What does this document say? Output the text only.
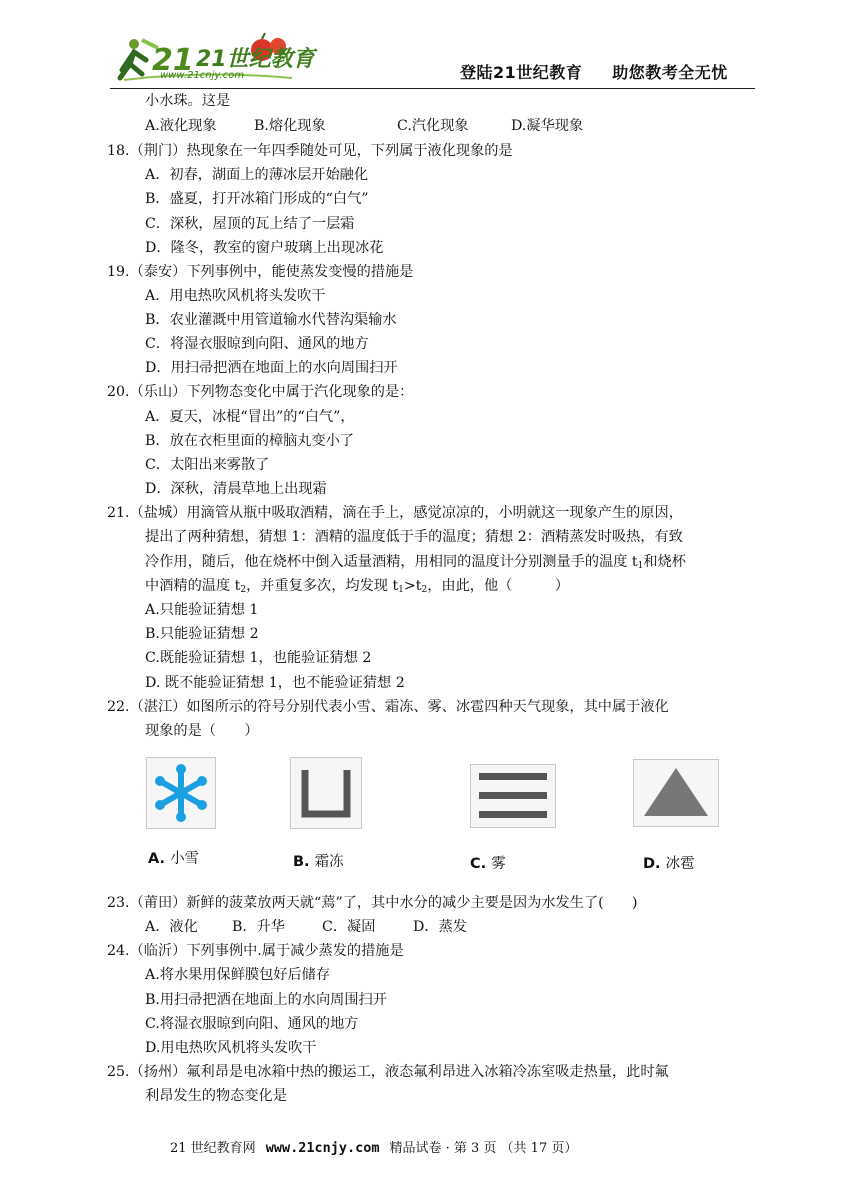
21 21世纪教育
www.21cnjy.com	登陆21世纪教育 助您教考全无忧
小水珠。这是
A.液化现象	B.熔化现象	C.汽化现象	D.凝华现象
18.（荆门）热现象在一年四季随处可见，下列属于液化现象的是
A．初春，湖面上的薄冰层开始融化
B．盛夏，打开冰箱门形成的“白气”
C．深秋，屋顶的瓦上结了一层霜
D．隆冬，教室的窗户玻璃上出现冰花
19.（泰安）下列事例中，能使蒸发变慢的措施是
A．用电热吹风机将头发吹干
B．农业灌溉中用管道输水代替沟渠输水
C．将湿衣服晾到向阳、通风的地方
D．用扫帚把洒在地面上的水向周围扫开
20.（乐山）下列物态变化中属于汽化现象的是：
A．夏天，冰棍“冒出”的“白气”，
B．放在衣柜里面的樟脑丸变小了
C．太阳出来雾散了
D．深秋，清晨草地上出现霜
21.（盐城）用滴管从瓶中吸取酒精，滴在手上，感觉凉凉的，小明就这一现象产生的原因，
提出了两种猜想，猜想 1：酒精的温度低于手的温度；猜想 2：酒精蒸发时吸热，有致
冷作用，随后，他在烧杯中倒入适量酒精，用相同的温度计分别测量手的温度 $t_1$和烧杯
中酒精的温度 $t_2$，并重复多次，均发现 $t_1>t_2$，由此，他（　　　）
A.只能验证猜想 1
B.只能验证猜想 2
C.既能验证猜想 1，也能验证猜想 2
D. 既不能验证猜想 1，也不能验证猜想 2
22.（湛江）如图所示的符号分别代表小雪、霜冻、雾、冰雹四种天气现象，其中属于液化
现象的是（　　）
A. 小雪	B. 霜冻	C. 雾	D. 冰雹
23.（莆田）新鲜的菠菜放两天就“蔫”了，其中水分的减少主要是因为水发生了(　　)
A．液化 B．升华	C．凝固	D．蒸发
24.（临沂）下列事例中.属于减少蒸发的措施是
A.将水果用保鲜膜包好后储存
B.用扫帚把洒在地面上的水向周围扫开
C.将湿衣服晾到向阳、通风的地方
D.用电热吹风机将头发吹干
25.（扬州）氟利昂是电冰箱中热的搬运工，液态氟利昂进入冰箱冷冻室吸走热量，此时氟
利昂发生的物态变化是
21 世纪教育网 www.21cnjy.com 精品试卷 · 第 3 页 （共 17 页）
